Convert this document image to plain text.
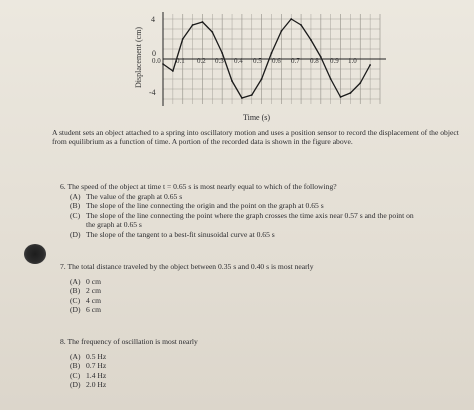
Displacement (cm)
4
0
-4
0.0 0.1 0.2 0.3 0.4 0.5 0.6 0.7 0.8 0.9 1.0
Time (s)
A student sets an object attached to a spring into oscillatory motion and uses a position sensor to record the displacement of the object from equilibrium as a function of time. A portion of the recorded data is shown in the figure above.
6. The speed of the object at time t = 0.65 s is most nearly equal to which of the following?
(A) The value of the graph at 0.65 s
(B) The slope of the line connecting the origin and the point on the graph at 0.65 s
(C) The slope of the line connecting the point where the graph crosses the time axis near 0.57 s and the point on
the graph at 0.65 s
(D) The slope of the tangent to a best-fit sinusoidal curve at 0.65 s
7. The total distance traveled by the object between 0.35 s and 0.40 s is most nearly
(A) 0 cm
(B) 2 cm
(C) 4 cm
(D) 6 cm
8. The frequency of oscillation is most nearly
(A) 0.5 Hz
(B) 0.7 Hz
(C) 1.4 Hz
(D) 2.0 Hz
